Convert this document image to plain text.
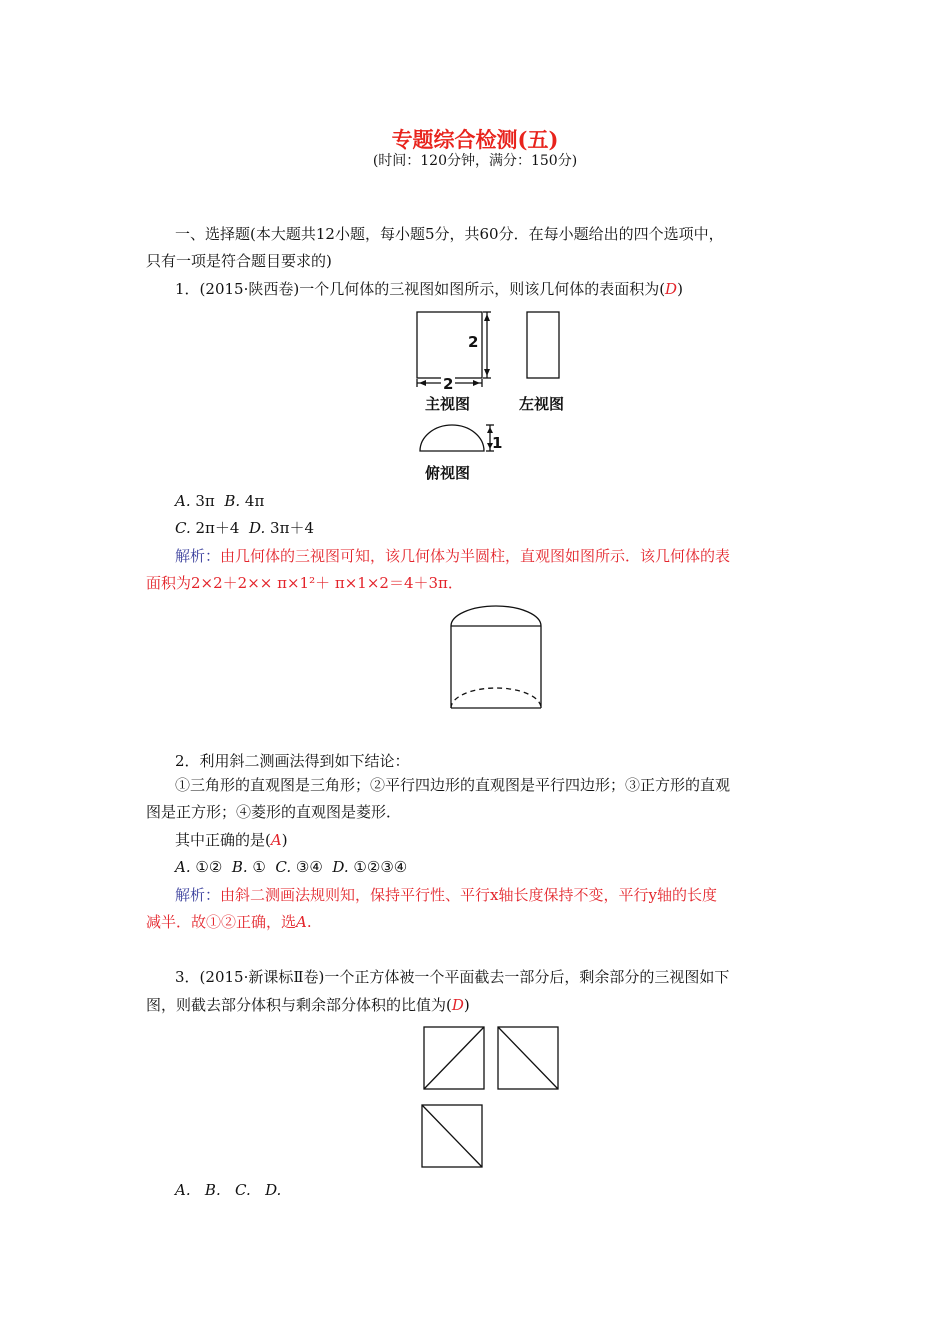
专题综合检测(五)
(时间：120分钟，满分：150分)
一、选择题(本大题共12小题，每小题5分，共60分．在每小题给出的四个选项中，
只有一项是符合题目要求的)
1．(2015·陕西卷)一个几何体的三视图如图所示，则该几何体的表面积为(D)
2
2
1
主视图	左视图
俯视图
A. 3π B. 4π
C. 2π＋4 D. 3π＋4
解析：由几何体的三视图可知，该几何体为半圆柱，直观图如图所示．该几何体的表
面积为2×2＋2×× π×1²＋ π×1×2＝4＋3π．
2．利用斜二测画法得到如下结论：
①三角形的直观图是三角形；②平行四边形的直观图是平行四边形；③正方形的直观
图是正方形；④菱形的直观图是菱形．
其中正确的是(A)
A. ①② B. ① C. ③④ D. ①②③④
解析：由斜二测画法规则知，保持平行性、平行x轴长度保持不变，平行y轴的长度
减半．故①②正确，选A.
3．(2015·新课标Ⅱ卷)一个正方体被一个平面截去一部分后，剩余部分的三视图如下
图，则截去部分体积与剩余部分体积的比值为(D)
A. B. C. D.
